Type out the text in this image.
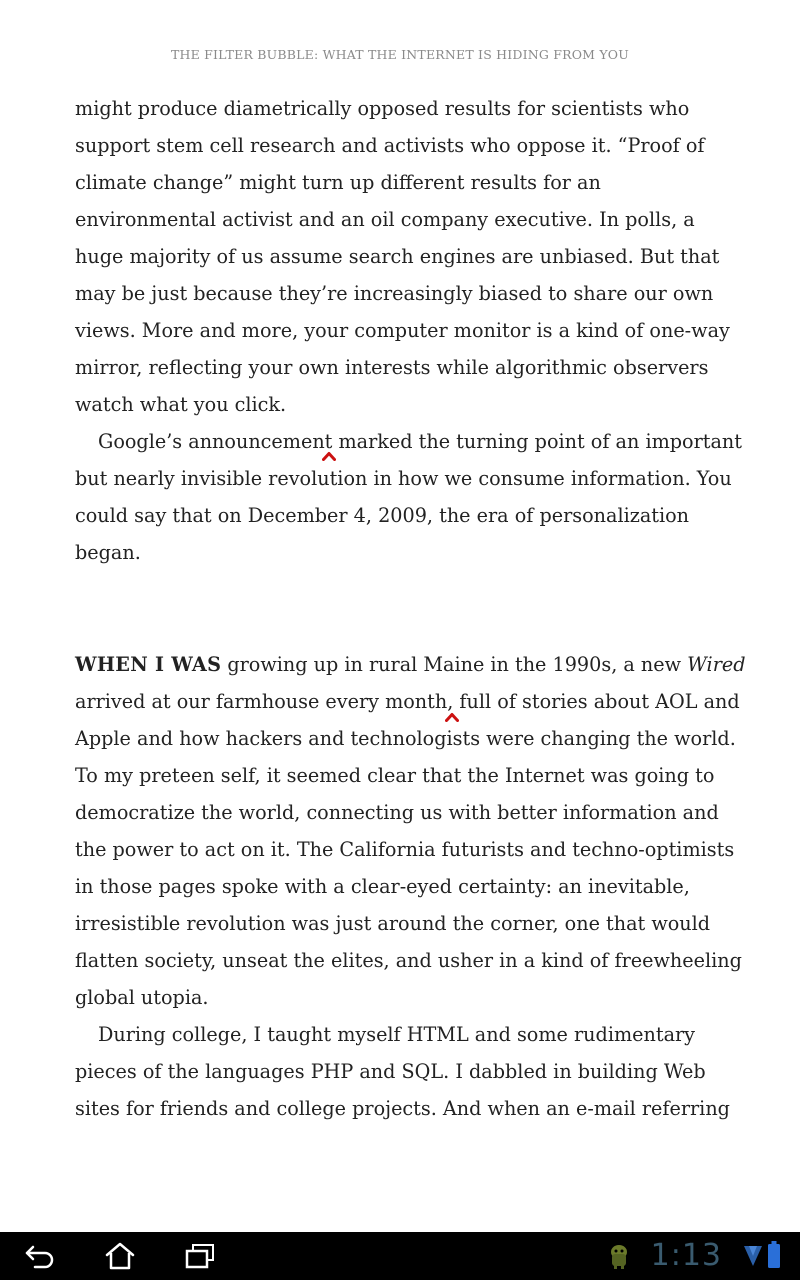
THE FILTER BUBBLE: WHAT THE INTERNET IS HIDING FROM YOU
might produce diametrically opposed results for scientists who
support stem cell research and activists who oppose it. “Proof of
climate change” might turn up different results for an
environmental activist and an oil company executive. In polls, a
huge majority of us assume search engines are unbiased. But that
may be just because they’re increasingly biased to share our own
views. More and more, your computer monitor is a kind of one-way
mirror, reflecting your own interests while algorithmic observers
watch what you click.
Google’s announcement marked the turning point of an important
but nearly invisible revolution in how we consume information. You
could say that on December 4, 2009, the era of personalization
began.
WHEN I WAS growing up in rural Maine in the 1990s, a new Wired
arrived at our farmhouse every month, full of stories about AOL and
Apple and how hackers and technologists were changing the world.
To my preteen self, it seemed clear that the Internet was going to
democratize the world, connecting us with better information and
the power to act on it. The California futurists and techno-optimists
in those pages spoke with a clear-eyed certainty: an inevitable,
irresistible revolution was just around the corner, one that would
flatten society, unseat the elites, and usher in a kind of freewheeling
global utopia.
During college, I taught myself HTML and some rudimentary
pieces of the languages PHP and SQL. I dabbled in building Web
sites for friends and college projects. And when an e-mail referring
1:13
